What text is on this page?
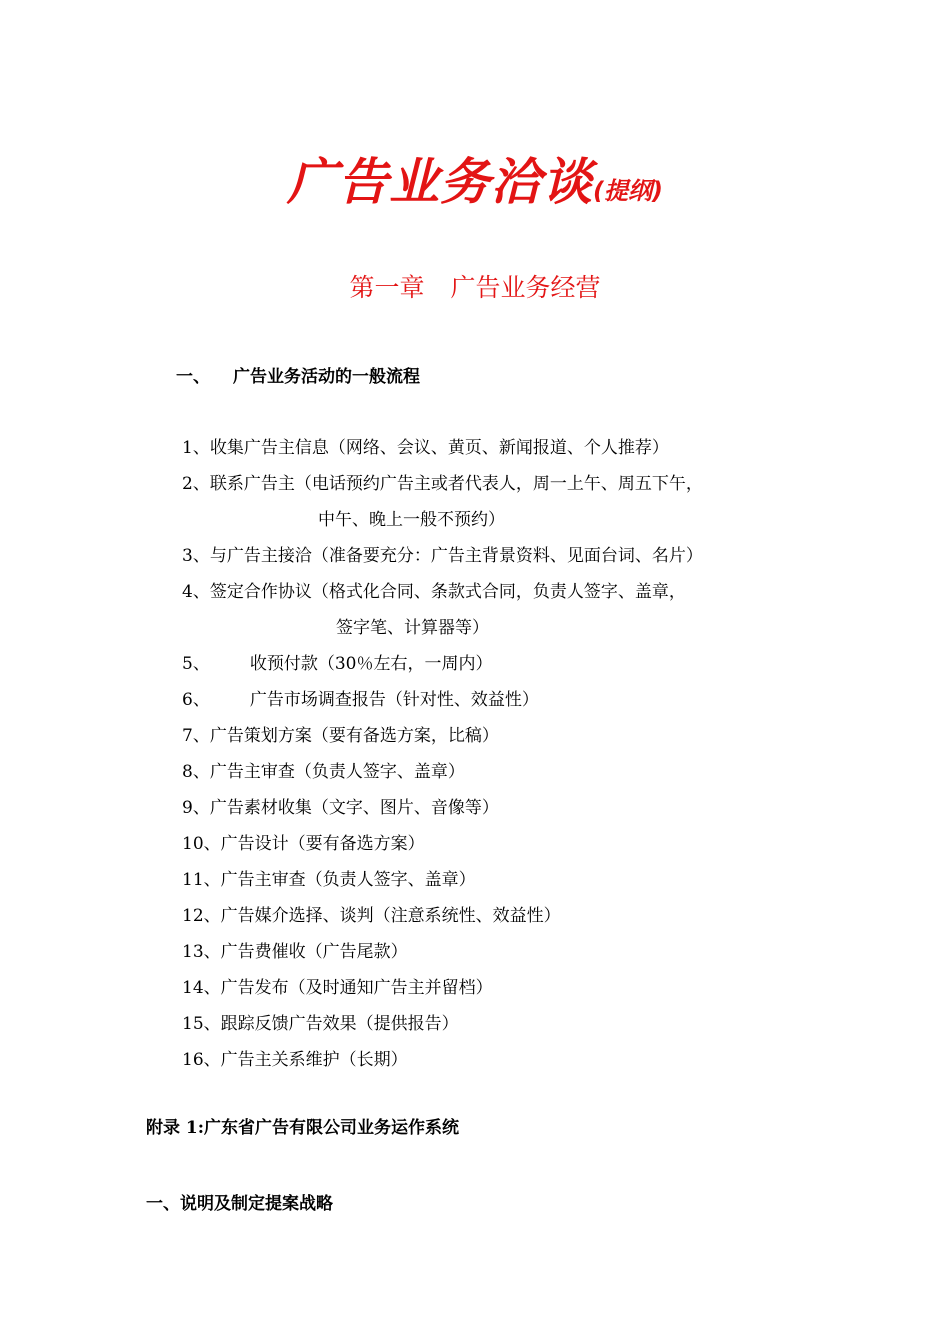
广告业务洽谈(提纲)
第一章 广告业务经营
一、 广告业务活动的一般流程
1、收集广告主信息（网络、会议、黄页、新闻报道、个人推荐）
2、联系广告主（电话预约广告主或者代表人，周一上午、周五下午，
中午、晚上一般不预约）
3、与广告主接洽（准备要充分：广告主背景资料、见面台词、名片）
4、签定合作协议（格式化合同、条款式合同，负责人签字、盖章，
签字笔、计算器等）
5、 收预付款（30％左右，一周内）
6、 广告市场调查报告（针对性、效益性）
7、广告策划方案（要有备选方案，比稿）
8、广告主审查（负责人签字、盖章）
9、广告素材收集（文字、图片、音像等）
10、广告设计（要有备选方案）
11、广告主审查（负责人签字、盖章）
12、广告媒介选择、谈判（注意系统性、效益性）
13、广告费催收（广告尾款）
14、广告发布（及时通知广告主并留档）
15、跟踪反馈广告效果（提供报告）
16、广告主关系维护（长期）
附录 1:广东省广告有限公司业务运作系统
一、说明及制定提案战略
